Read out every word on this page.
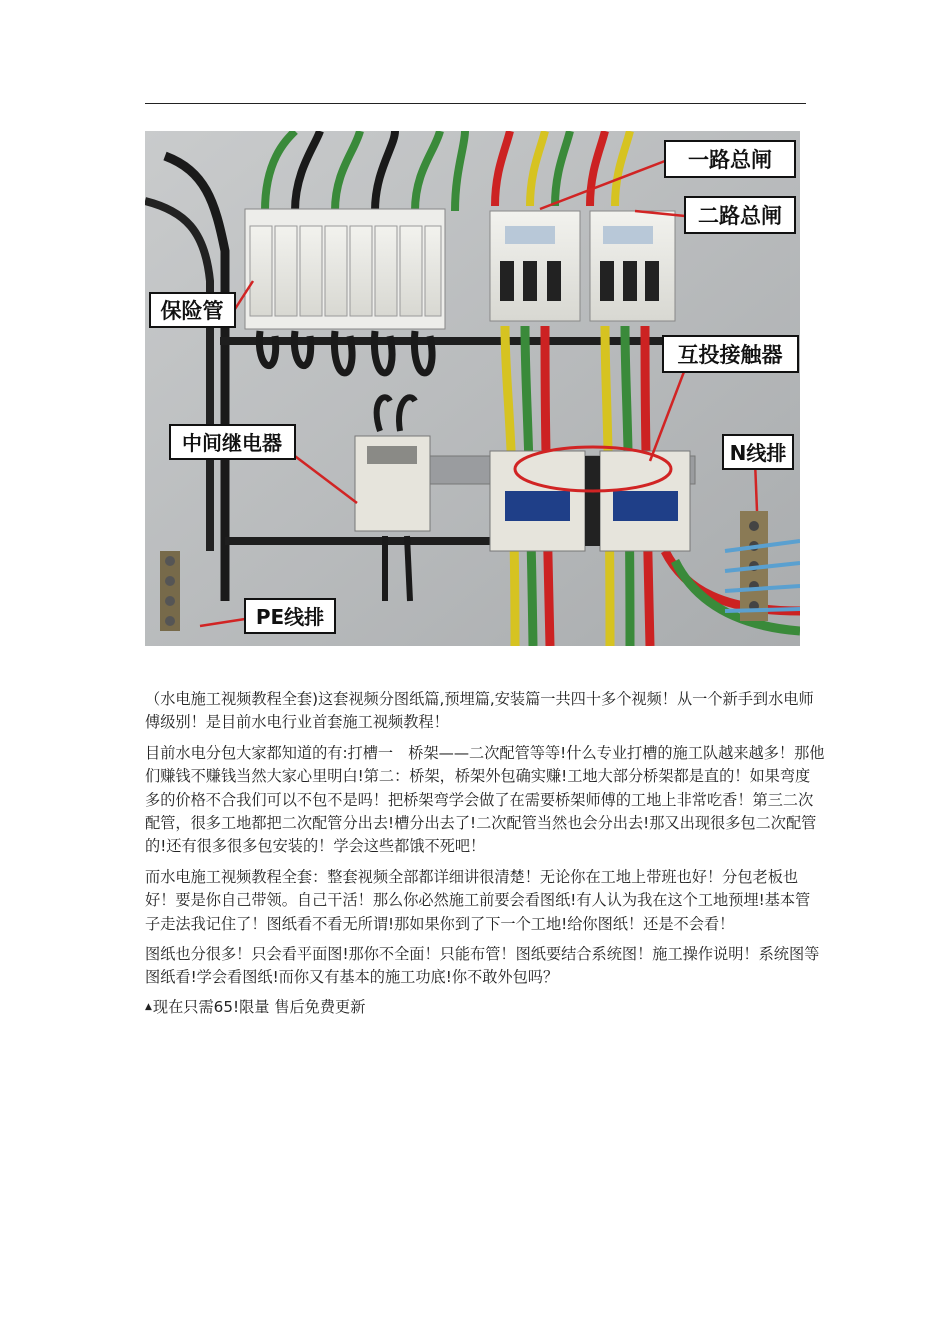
一路总闸
二路总闸
保险管
互投接触器
中间继电器	N线排
PE线排

（水电施工视频教程全套)这套视频分图纸篇,预埋篇,安装篇一共四十多个视频！从一个新手到水电师傅级别！是目前水电行业首套施工视频教程！

目前水电分包大家都知道的有:打槽一　桥架——二次配管等等!什么专业打槽的施工队越来越多！那他们赚钱不赚钱当然大家心里明白!第二：桥架，桥架外包确实赚!工地大部分桥架都是直的！如果弯度多的价格不合我们可以不包不是吗！把桥架弯学会做了在需要桥架师傅的工地上非常吃香！第三二次配管，很多工地都把二次配管分出去!槽分出去了!二次配管当然也会分出去!那又出现很多包二次配管的!还有很多很多包安装的！学会这些都饿不死吧！

而水电施工视频教程全套：整套视频全部都详细讲很清楚！无论你在工地上带班也好！分包老板也好！要是你自己带领。自己干活！那么你必然施工前要会看图纸!有人认为我在这个工地预埋!基本管子走法我记住了！图纸看不看无所谓!那如果你到了下一个工地!给你图纸！还是不会看！

图纸也分很多！只会看平面图!那你不全面！只能布管！图纸要结合系统图！施工操作说明！系统图等图纸看!学会看图纸!而你又有基本的施工功底!你不敢外包吗？

▲现在只需65!限量 售后免费更新
